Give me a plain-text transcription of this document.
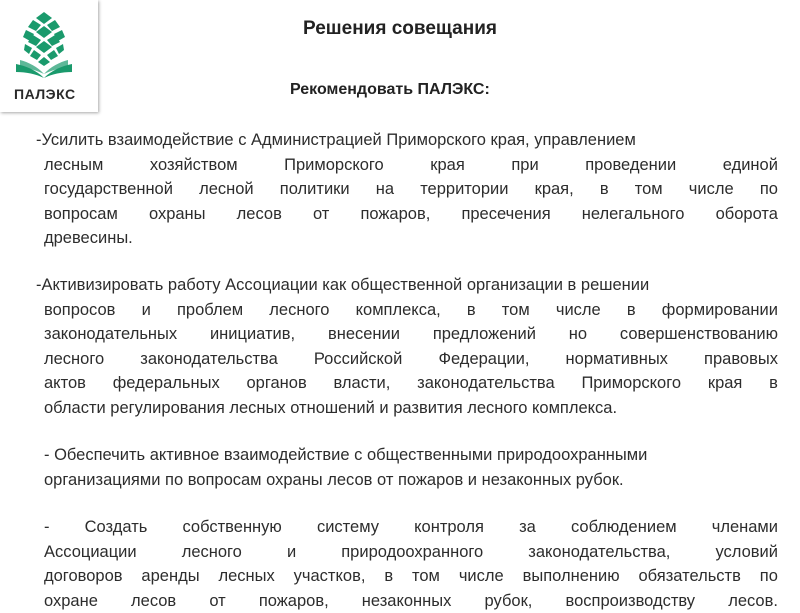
ПАЛЭКС
Решения совещания
Рекомендовать ПАЛЭКС:
-Усилить взаимодействие с Администрацией Приморского края, управлением
лесным	хозяйством	Приморского	края	при	проведении	единой
государственной лесной политики на территории края, в том числе по
вопросам охраны лесов от пожаров, пресечения нелегального оборота
древесины.
-Активизировать работу Ассоциации как общественной организации в решении
вопросов и проблем лесного комплекса, в том числе в формировании
законодательных инициатив, внесении предложений но совершенствованию
лесного законодательства Российской Федерации, нормативных правовых
актов федеральных органов власти, законодательства Приморского края в
области регулирования лесных отношений и развития лесного комплекса.
- Обеспечить активное взаимодействие с общественными природоохранными
организациями по вопросам охраны лесов от пожаров и незаконных рубок.
- Создать собственную систему контроля за соблюдением членами
Ассоциации	лесного	и	природоохранного	законодательства,	условий
договоров аренды лесных участков, в том числе выполнению обязательств по
охране лесов от пожаров, незаконных рубок, воспроизводству лесов.
